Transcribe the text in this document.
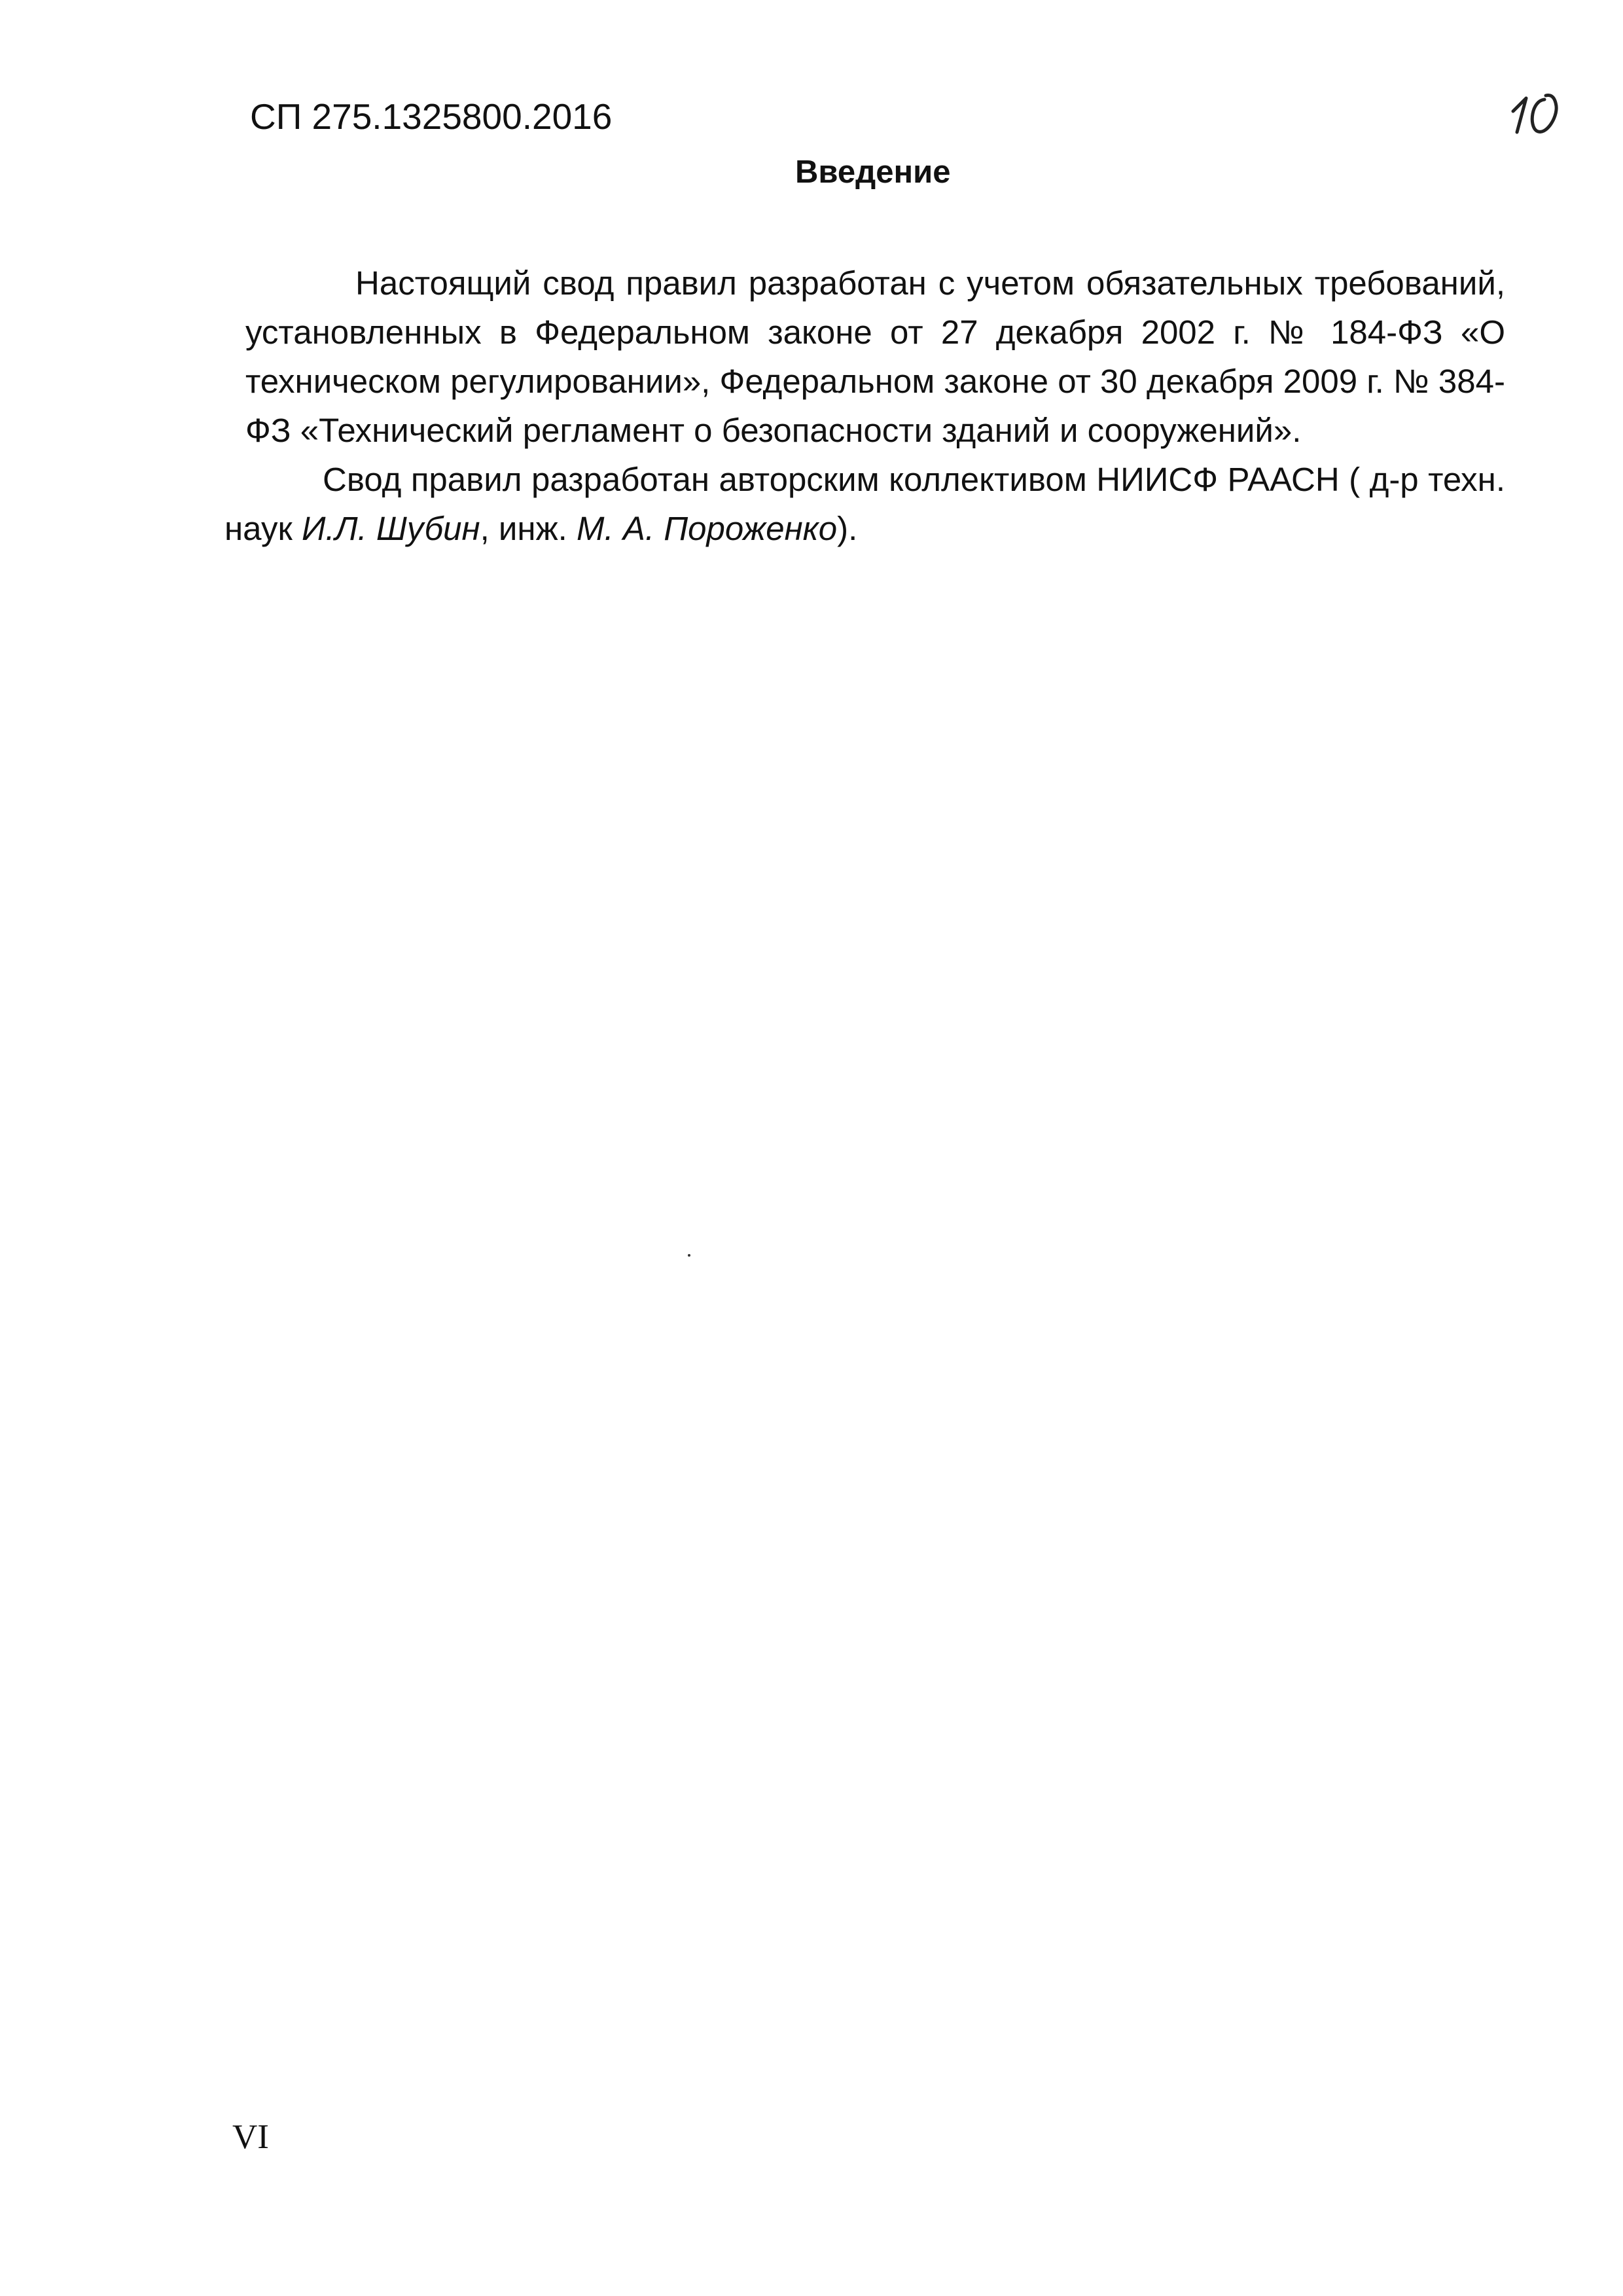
СП 275.1325800.2016
Введение

Настоящий свод правил разработан с учетом обязательных требований, установленных в Федеральном законе от 27 декабря 2002 г. № 184-ФЗ «О техническом регулировании», Федеральном законе от 30 декабря 2009 г. № 384-ФЗ «Технический регламент о безопасности зданий и сооружений».

Свод правил разработан авторским коллективом НИИСФ РААСН ( д-р техн. наук И.Л. Шубин, инж. М. А. Пороженко).

VI
